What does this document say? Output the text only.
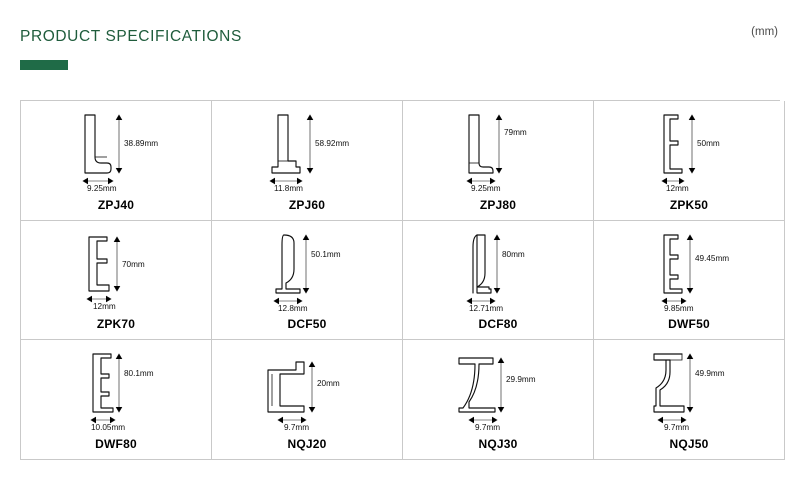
PRODUCT SPECIFICATIONS	(mm)
38.89mm
9.25mm
ZPJ40
58.92mm
11.8mm
ZPJ60
79mm
9.25mm
ZPJ80
50mm
12mm
ZPK50
70mm
12mm
ZPK70
50.1mm
12.8mm
DCF50
80mm
12.71mm
DCF80
49.45mm
9.85mm
DWF50
80.1mm
10.05mm
DWF80
20mm
9.7mm
NQJ20
29.9mm
9.7mm
NQJ30
49.9mm
9.7mm
NQJ50
